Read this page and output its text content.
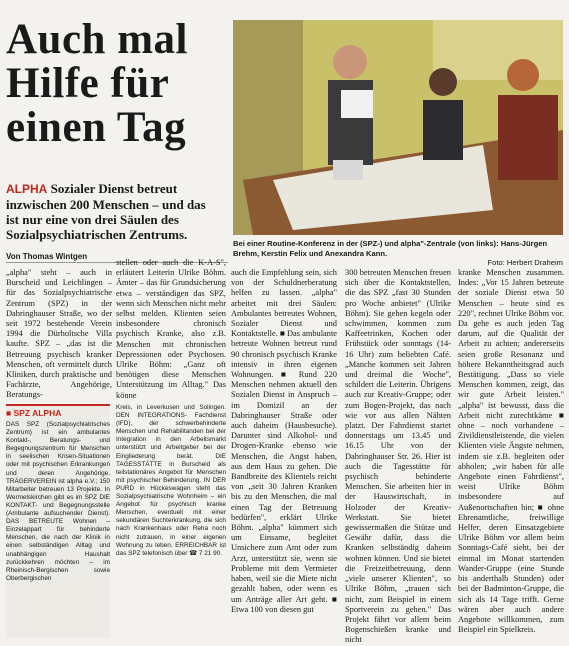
Auch mal Hilfe für einen Tag
ALPHA Sozialer Dienst betreut inzwischen 200 Menschen – und das ist nur eine von drei Säulen des Sozialpsychiatrischen Zentrums.
Von Thomas Wintgen

„alpha" steht – auch in Burscheid und Leichlingen – für das Sozialpsychiatrische Zentrum (SPZ) in der Dabringhauser Straße, wo der seit 1972 bestehende Verein 1994 die Dürholtsche Villa kaufte. SPZ – „das ist die Betreuung psychisch kranker Menschen, oft vermittelt durch Kliniken, durch praktische und Fachärzte, Angehörige, Beratungs-

stellen oder auch die K-A-S", erläutert Leiterin Ulrike Böhm. Ämter – das für Grundsicherung etwa – verständigen das SPZ, wenn sich Menschen nicht mehr selbst melden. Klienten seien insbesondere chronisch psychisch Kranke, also z.B. Menschen mit chronischen Depressionen oder Psychosen. Ulrike Böhm: „Ganz oft benötigen diese Menschen Unterstützung im Alltag." Das könne

auch die Empfehlung sein, sich von der Schuldnerberatung helfen zu lassen. „alpha" arbeitet mit drei Säulen: Ambulantes betreutes Wohnen, Sozialer Dienst und Kontaktstelle. ■ Das ambulante betreute Wohnen betreut rund 90 chronisch psychisch Kranke intensiv in ihren eigenen Wohnungen. ■ Rund 220 Menschen nehmen aktuell den Sozialen Dienst in Anspruch – im Domizil an der Dabringhauser Straße oder auch daheim (Hausbesuche). Darunter sind Alkohol- und Drogen-Kranke ebenso wie Menschen, die Angst haben, aus dem Haus zu gehen. Die Bandbreite des Klientels reicht von „seit 30 Jahren Kranken bis zu den Menschen, die mal einen Tag der Betreuung bedürfen", erklärt Ulrike Böhm. „alpha" kümmert sich um Einsame, begleitet Unsichere zum Amt oder zum Arzt, unterstützt sie, wenn sie Probleme mit dem Vermieter haben, weil sie die Miete nicht gezahlt haben, oder wenn es um Anträge aller Art geht. ■ Etwa 100 von diesen gut

300 betreuten Menschen freuen sich über die Kontaktstellen, die das SPZ „fast 30 Stunden pro Woche anbietet" (Ulrike Böhm). Sie gehen kegeln oder schwimmen, kommen zum Kaffeetrinken, Kochen oder Frühstück oder sonntags (14-16 Uhr) zum beliebten Café. „Manche kommen seit Jahren und dreimal die Woche", schildert die Leiterin. Übrigens auch zur Kreativ-Gruppe; oder zum Bogen-Projekt, das nach wie vor aus allen Nähten platzt. Der Fahrdienst startet donnerstags um 13.45 und 16.15 Uhr von der Dabringhauser Str. 26. Hier ist auch die Tagesstätte für psychisch behinderte Menschen. Sie arbeiten hier in der Hauswirtschaft, in Holzoder der Kreativ-Werkstatt. Sie bietet gewissermaßen die Stütze und Gewähr dafür, dass die Kranken selbständig daheim wohnen können. Und sie bietet die Freizeitbetreuung, denn „viele unserer Klienten", so Ulrike Böhm, „trauen sich nicht, zum Beispiel in einem Sportverein zu gehen." Das Projekt fährt vor allem beim Bogenschießen kranke und nicht

kranke Menschen zusammen. Indes: „Vor 15 Jahren betreute der soziale Dienst etwa 50 Menschen – heute sind es 220", rechnet Ulrike Böhm vor. Da gehe es auch jeden Tag darum, auf die Qualität der Arbeit zu achten; andererseits seien große Resonanz und höhere Bekanntheitsgrad auch Bestätigung. „Dass so viele Menschen kommen, zeigt, das wir gute Arbeit leisten." „alpha" ist bewusst, dass die Arbeit nicht zurechtkäme ■ ohne – noch vorhandene – Zivildienstleistende, die vielen Klienten viele Ängste nehmen, indem sie z.B. begleiten oder abholen; „wir haben für alle Angebote einen Fahrdienst", weist Ulrike Böhm insbesondere auf Außenortschaften hin; ■ ohne Ehrenamtliche, freiwillige Helfer, deren Einsatzgebiete Ulrike Böhm vor allem beim Sonntags-Café sieht, bei der einmal im Monat startenden Wander-Gruppe (eine Stunde bis anderthalb Stunden) oder bei der Badminton-Gruppe, die sich als 14 Tage trifft. Gerne wären aber auch andere Angebote willkommen, zum Beispiel ein Spielkreis.

Bei einer Routine-Konferenz in der (SPZ-) und alpha"-Zentrale (von links): Hans-Jürgen Brehm, Kerstin Felix und Anexandra Kann.
Foto: Herbert Draheim
■ SPZ ALPHA
DAS SPZ (Sozialpsychiatrisches Zentrum) ist ein ambulantes Kontakt-, Beratungs- und Begegnungszentrum für Menschen in seelischen Krisen-Situationen oder mit psychischen Erkrankungen und deren Angehörige. TRÄGERVEREIN ist alpha e.V.; 150 Mitarbeiter betreuen 13 Projekte. In Wermelskirchen gibt es im SPZ DIE KONTAKT- und Begegnungsstelle (Ambulante aufsuchender Dienst). DAS BETREUTE Wohnen – Einzelappart für behinderte Menschen, die nach der Klinik in einen selbständigen Alltag und unabhängigen Haushalt zurückkehren möchten – im Rheinisch-Bergischen sowie Oberbergischen
Kreis, in Leverkusen und Solingen. DEN INTEGRATIONS- Fachdienst (IFD), der schwerbehinderte Menschen und Rehabilitanden bei der Integration in den Arbeitsmarkt unterstützt und Arbeitgeber bei der Eingliederung berät. DIE TAGESSTÄTTE in Burscheid als teilstationäres Angebot für Menschen mit psychischer Behinderung. IN DER PURD in Hückeswagen steht das Sozialpsychiatrische Wohnheim – ein Angebot für psychisch kranke Menschen, eventuell mit einer sekundären Suchterkrankung, die sich nach Krankenhaus oder Reha noch nicht zutrauen, in einer eigenen Wohnung zu leben. ERREICHBAR ist das SPZ telefonisch über ☎ 7 21 90.
